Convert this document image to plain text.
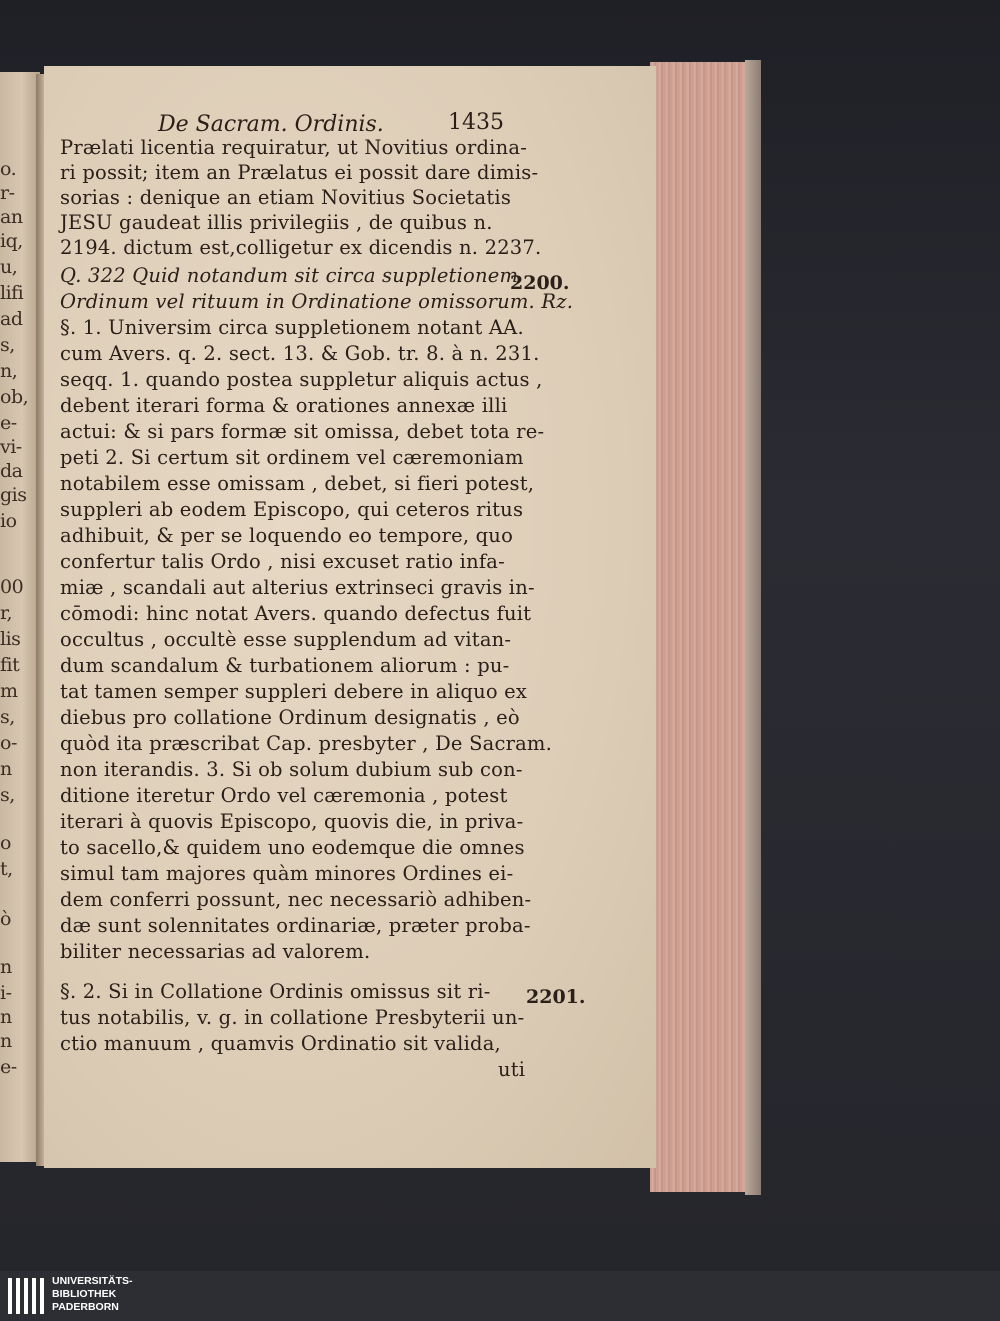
o.
r-
an
iq,
u,
lifi
ad
s,
n,
ob,
e-
vi-
da
gis
io
00
r,
lis
fit
m
s,
o-
n
s,
o
t,
ò
n
i-
n
n
e-
De Sacram. Ordinis.	1435
Prælati licentia requiratur, ut Novitius ordina-
ri possit; item an Prælatus ei possit dare dimis-
sorias : denique an etiam Novitius Societatis
JESU gaudeat illis privilegiis , de quibus n.
2194. dictum est,colligetur ex dicendis n. 2237.
Q. 322 Quid notandum sit circa suppletionem
Ordinum vel rituum in Ordinatione omissorum. Rz.
§. 1. Universim circa suppletionem notant AA.
cum Avers. q. 2. sect. 13. & Gob. tr. 8. à n. 231.
seqq. 1. quando postea suppletur aliquis actus ,
debent iterari forma & orationes annexæ illi
actui: & si pars formæ sit omissa, debet tota re-
peti 2. Si certum sit ordinem vel cæremoniam
notabilem esse omissam , debet, si fieri potest,
suppleri ab eodem Episcopo, qui ceteros ritus
adhibuit, & per se loquendo eo tempore, quo
confertur talis Ordo , nisi excuset ratio infa-
miæ , scandali aut alterius extrinseci gravis in-
cōmodi: hinc notat Avers. quando defectus fuit
occultus , occultè esse supplendum ad vitan-
dum scandalum & turbationem aliorum : pu-
tat tamen semper suppleri debere in aliquo ex
diebus pro collatione Ordinum designatis , eò
quòd ita præscribat Cap. presbyter , De Sacram.
non iterandis. 3. Si ob solum dubium sub con-
ditione iteretur Ordo vel cæremonia , potest
iterari à quovis Episcopo, quovis die, in priva-
to sacello,& quidem uno eodemque die omnes
simul tam majores quàm minores Ordines ei-
dem conferri possunt, nec necessariò adhiben-
dæ sunt solennitates ordinariæ, præter proba-
biliter necessarias ad valorem.
§. 2. Si in Collatione Ordinis omissus sit ri-
tus notabilis, v. g. in collatione Presbyterii un-
ctio manuum , quamvis Ordinatio sit valida,
uti
2200.
2201.
UNIVERSITÄTS-
BIBLIOTHEK
PADERBORN
